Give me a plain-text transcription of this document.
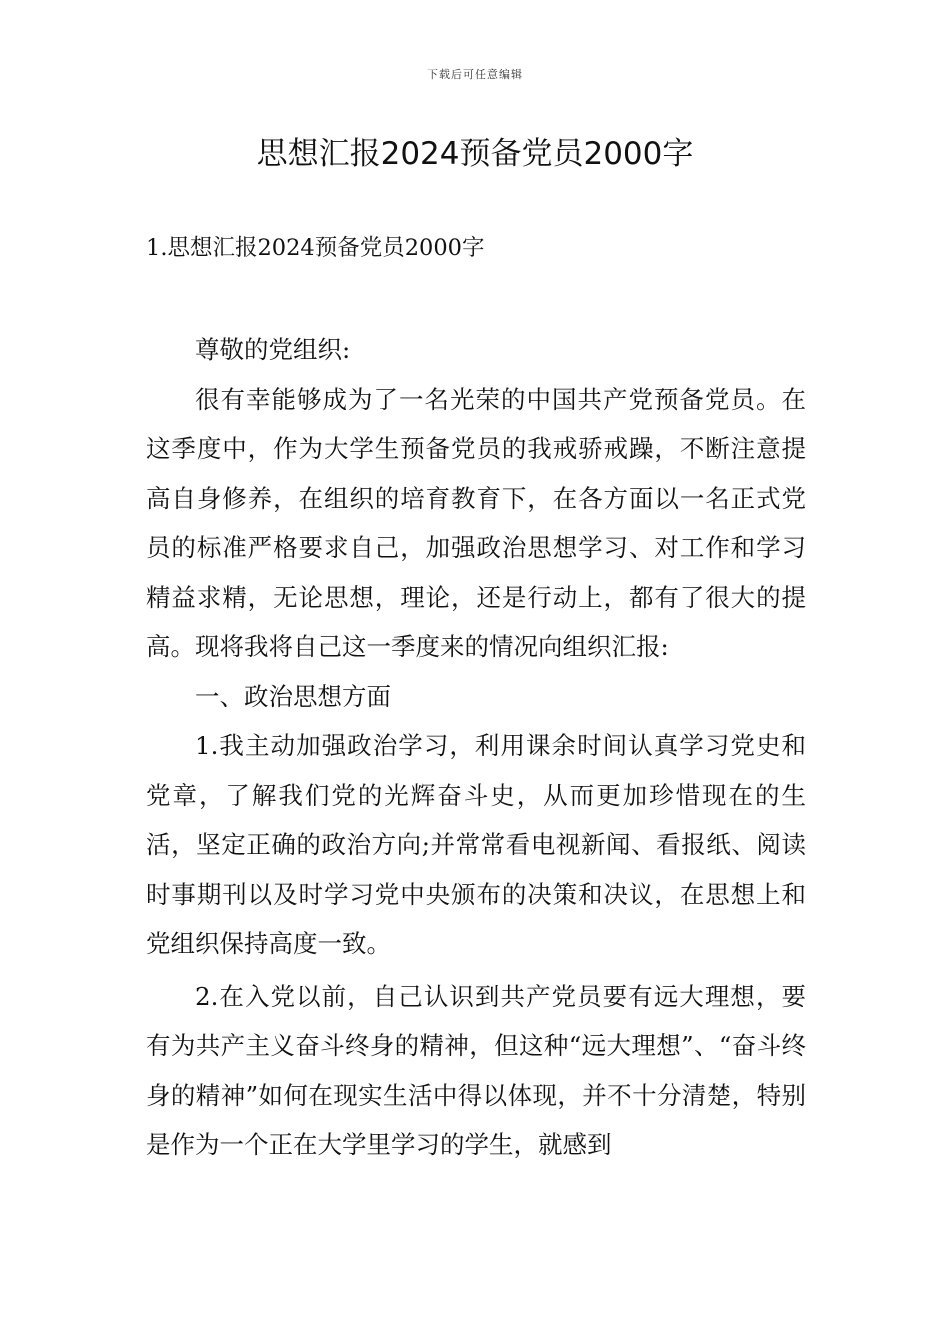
下载后可任意编辑
思想汇报2024预备党员2000字
1.思想汇报2024预备党员2000字

尊敬的党组织:

很有幸能够成为了一名光荣的中国共产党预备党员。在这季度中，作为大学生预备党员的我戒骄戒躁，不断注意提高自身修养，在组织的培育教育下，在各方面以一名正式党员的标准严格要求自己，加强政治思想学习、对工作和学习精益求精，无论思想，理论，还是行动上，都有了很大的提高。现将我将自己这一季度来的情况向组织汇报:

一、政治思想方面

1.我主动加强政治学习，利用课余时间认真学习党史和党章，了解我们党的光辉奋斗史，从而更加珍惜现在的生活，坚定正确的政治方向;并常常看电视新闻、看报纸、阅读时事期刊以及时学习党中央颁布的决策和决议，在思想上和党组织保持高度一致。

2.在入党以前，自己认识到共产党员要有远大理想，要有为共产主义奋斗终身的精神，但这种“远大理想”、“奋斗终身的精神”如何在现实生活中得以体现，并不十分清楚，特别是作为一个正在大学里学习的学生，就感到
